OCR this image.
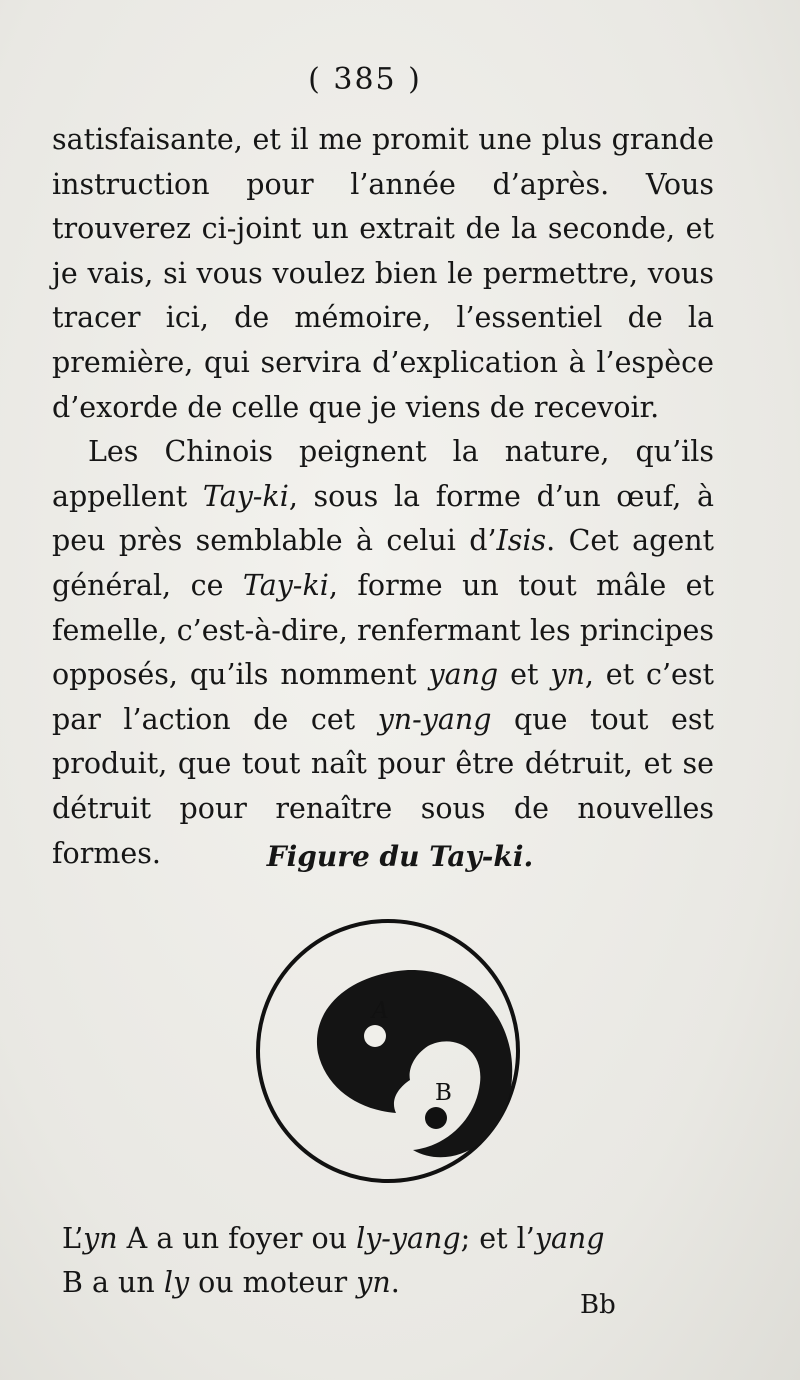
( 385 )

satisfaisante, et il me promit une plus grande instruction pour l’année d’après. Vous trouverez ci-joint un extrait de la seconde, et je vais, si vous voulez bien le permettre, vous tracer ici, de mémoire, l’essentiel de la première, qui servira d’explication à l’espèce d’exorde de celle que je viens de recevoir.

Les Chinois peignent la nature, qu’ils appellent Tay-ki, sous la forme d’un œuf, à peu près semblable à celui d’Isis. Cet agent général, ce Tay-ki, forme un tout mâle et femelle, c’est-à-dire, renfermant les principes opposés, qu’ils nomment yang et yn, et c’est par l’action de cet yn-yang que tout est produit, que tout naît pour être détruit, et se détruit pour renaître sous de nouvelles formes.	Figure du Tay-ki.
A
B

L’yn A a un foyer ou ly-yang; et l’yang

B a un ly ou moteur yn.

Bb
